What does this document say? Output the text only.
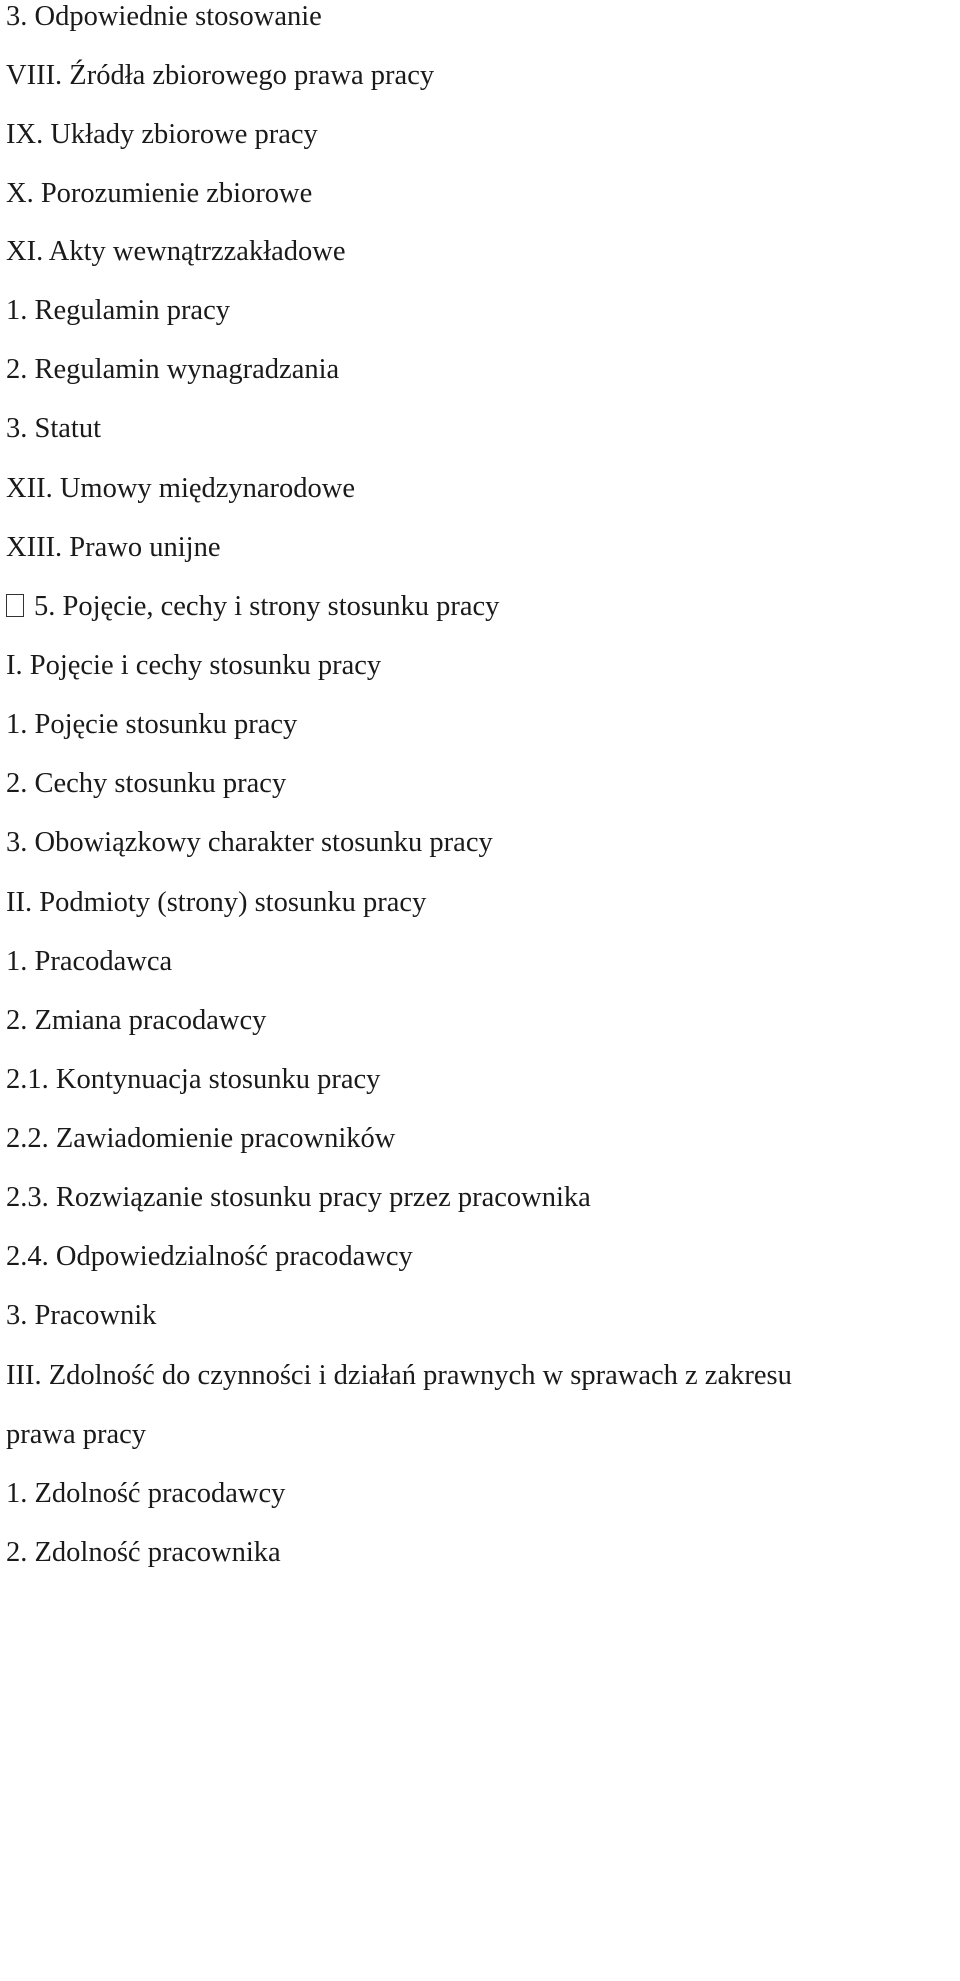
3. Odpowiednie stosowanie
VIII. Źródła zbiorowego prawa pracy
IX. Układy zbiorowe pracy
X. Porozumienie zbiorowe
XI. Akty wewnątrzzakładowe
1. Regulamin pracy
2. Regulamin wynagradzania
3. Statut
XII. Umowy międzynarodowe
XIII. Prawo unijne
5. Pojęcie, cechy i strony stosunku pracy
I. Pojęcie i cechy stosunku pracy
1. Pojęcie stosunku pracy
2. Cechy stosunku pracy
3. Obowiązkowy charakter stosunku pracy
II. Podmioty (strony) stosunku pracy
1. Pracodawca
2. Zmiana pracodawcy
2.1. Kontynuacja stosunku pracy
2.2. Zawiadomienie pracowników
2.3. Rozwiązanie stosunku pracy przez pracownika
2.4. Odpowiedzialność pracodawcy
3. Pracownik
III. Zdolność do czynności i działań prawnych w sprawach z zakresu
prawa pracy
1. Zdolność pracodawcy
2. Zdolność pracownika
